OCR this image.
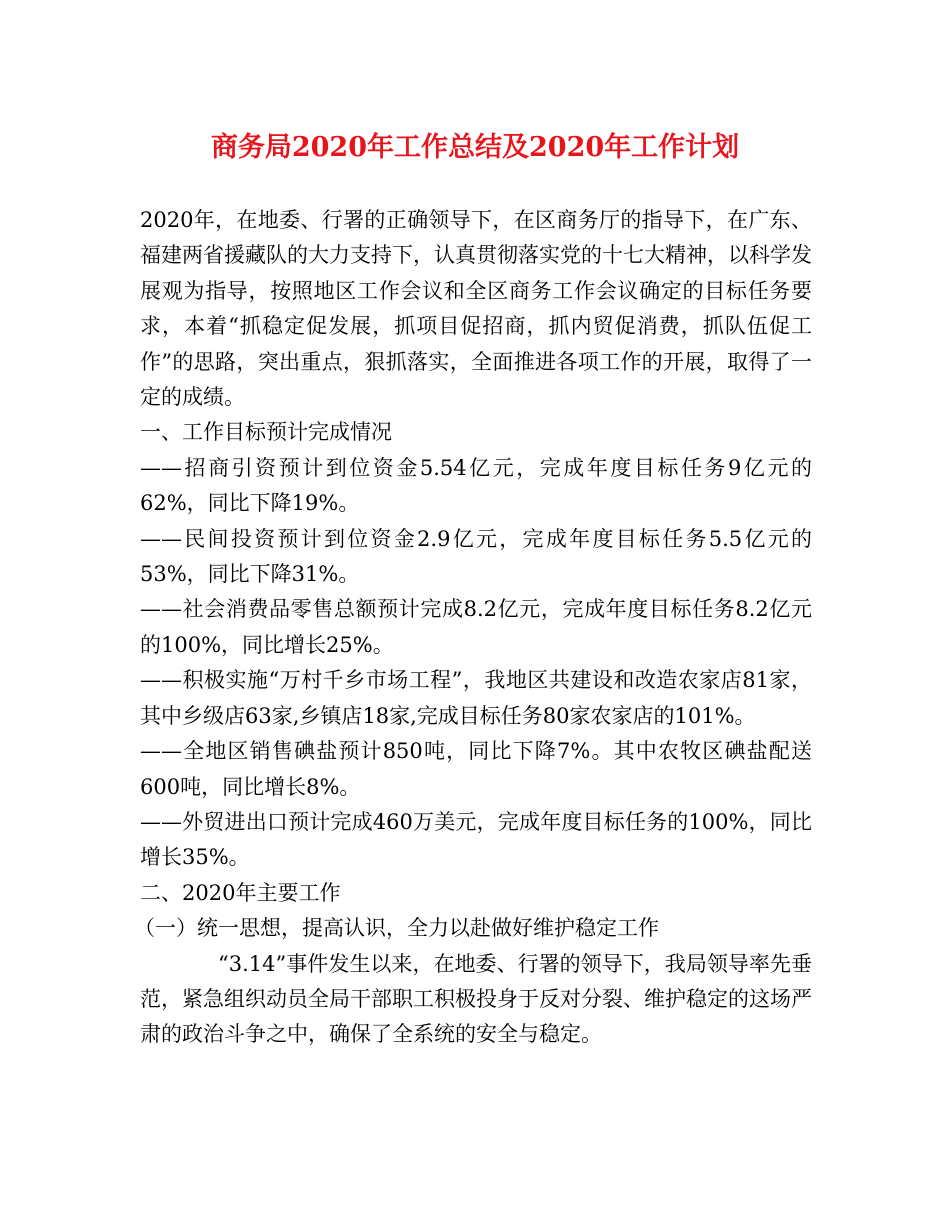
商务局2020年工作总结及2020年工作计划

2020年，在地委、行署的正确领导下，在区商务厅的指导下，在广东、福建两省援藏队的大力支持下，认真贯彻落实党的十七大精神，以科学发展观为指导，按照地区工作会议和全区商务工作会议确定的目标任务要求，本着“抓稳定促发展，抓项目促招商，抓内贸促消费，抓队伍促工作”的思路，突出重点，狠抓落实，全面推进各项工作的开展，取得了一定的成绩。

一、工作目标预计完成情况

——招商引资预计到位资金5.54亿元，完成年度目标任务9亿元的62%，同比下降19%。

——民间投资预计到位资金2.9亿元，完成年度目标任务5.5亿元的53%，同比下降31%。

——社会消费品零售总额预计完成8.2亿元，完成年度目标任务8.2亿元的100%，同比增长25%。

——积极实施“万村千乡市场工程”，我地区共建设和改造农家店81家，其中乡级店63家,乡镇店18家,完成目标任务80家农家店的101%。

——全地区销售碘盐预计850吨，同比下降7%。其中农牧区碘盐配送600吨，同比增长8%。

——外贸进出口预计完成460万美元，完成年度目标任务的100%，同比增长35%。

二、2020年主要工作

（一）统一思想，提高认识，全力以赴做好维护稳定工作

“3.14”事件发生以来，在地委、行署的领导下，我局领导率先垂范，紧急组织动员全局干部职工积极投身于反对分裂、维护稳定的这场严肃的政治斗争之中，确保了全系统的安全与稳定。
